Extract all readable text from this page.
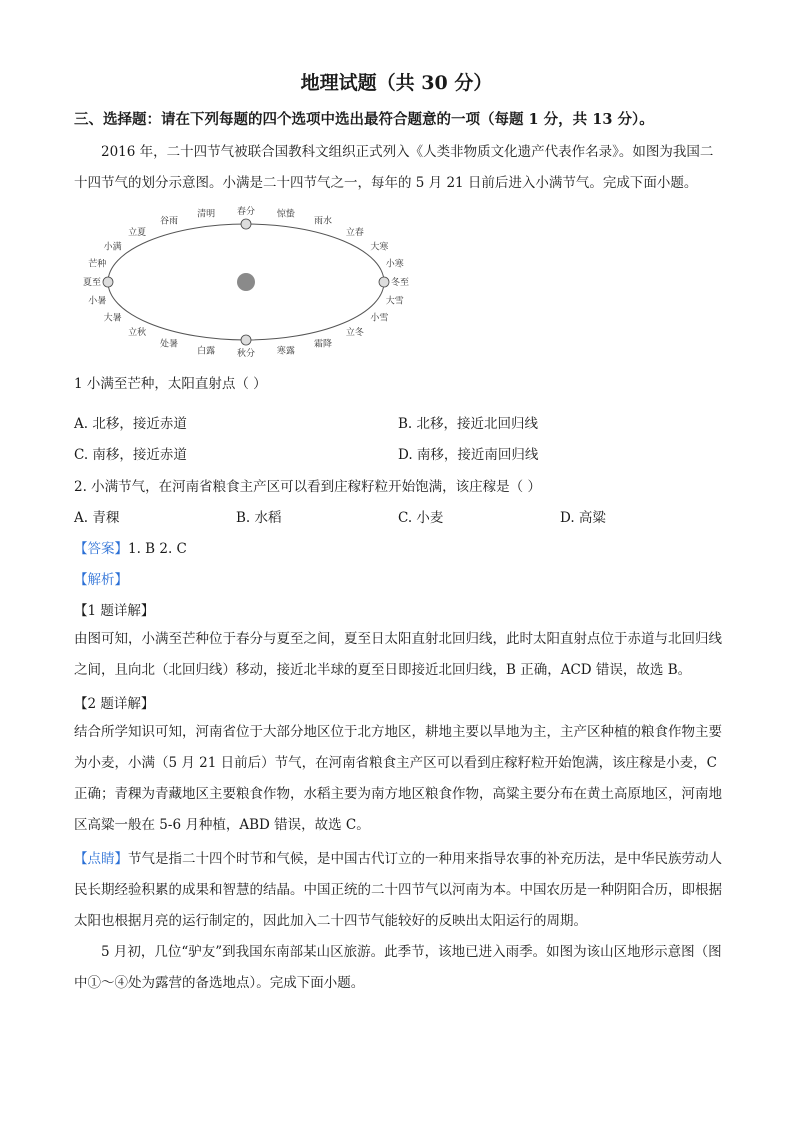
地理试题（共 30 分）
三、选择题：请在下列每题的四个选项中选出最符合题意的一项（每题 1 分，共 13 分）。

2016 年，二十四节气被联合国教科文组织正式列入《人类非物质文化遗产代表作名录》。如图为我国二十四节气的划分示意图。小满是二十四节气之一，每年的 5 月 21 日前后进入小满节气。完成下面小题。

春分 惊蛰
雨水
立春
大寒
小寒
冬至
大雪
小雪
立冬
霜降
寒露
秋分
白露
处暑
立秋
大暑
小暑
夏至
芒种
小满
立夏
谷雨
清明
1 小满至芒种，太阳直射点（ ）
A. 北移，接近赤道	B. 北移，接近北回归线
C. 南移，接近赤道	D. 南移，接近南回归线
2. 小满节气，在河南省粮食主产区可以看到庄稼籽粒开始饱满，该庄稼是（ ）
A. 青稞	B. 水稻	C. 小麦	D. 高粱
【答案】1. B 2. C
【解析】
【1 题详解】

由图可知，小满至芒种位于春分与夏至之间，夏至日太阳直射北回归线，此时太阳直射点位于赤道与北回归线之间，且向北（北回归线）移动，接近北半球的夏至日即接近北回归线，B 正确，ACD 错误，故选 B。

【2 题详解】

结合所学知识可知，河南省位于大部分地区位于北方地区，耕地主要以旱地为主，主产区种植的粮食作物主要为小麦，小满（5 月 21 日前后）节气，在河南省粮食主产区可以看到庄稼籽粒开始饱满，该庄稼是小麦，C 正确；青稞为青藏地区主要粮食作物，水稻主要为南方地区粮食作物，高粱主要分布在黄土高原地区，河南地区高粱一般在 5-6 月种植，ABD 错误，故选 C。

【点睛】节气是指二十四个时节和气候，是中国古代订立的一种用来指导农事的补充历法，是中华民族劳动人民长期经验积累的成果和智慧的结晶。中国正统的二十四节气以河南为本。中国农历是一种阴阳合历，即根据太阳也根据月亮的运行制定的，因此加入二十四节气能较好的反映出太阳运行的周期。

5 月初，几位“驴友”到我国东南部某山区旅游。此季节，该地已进入雨季。如图为该山区地形示意图（图中①～④处为露营的备选地点）。完成下面小题。
